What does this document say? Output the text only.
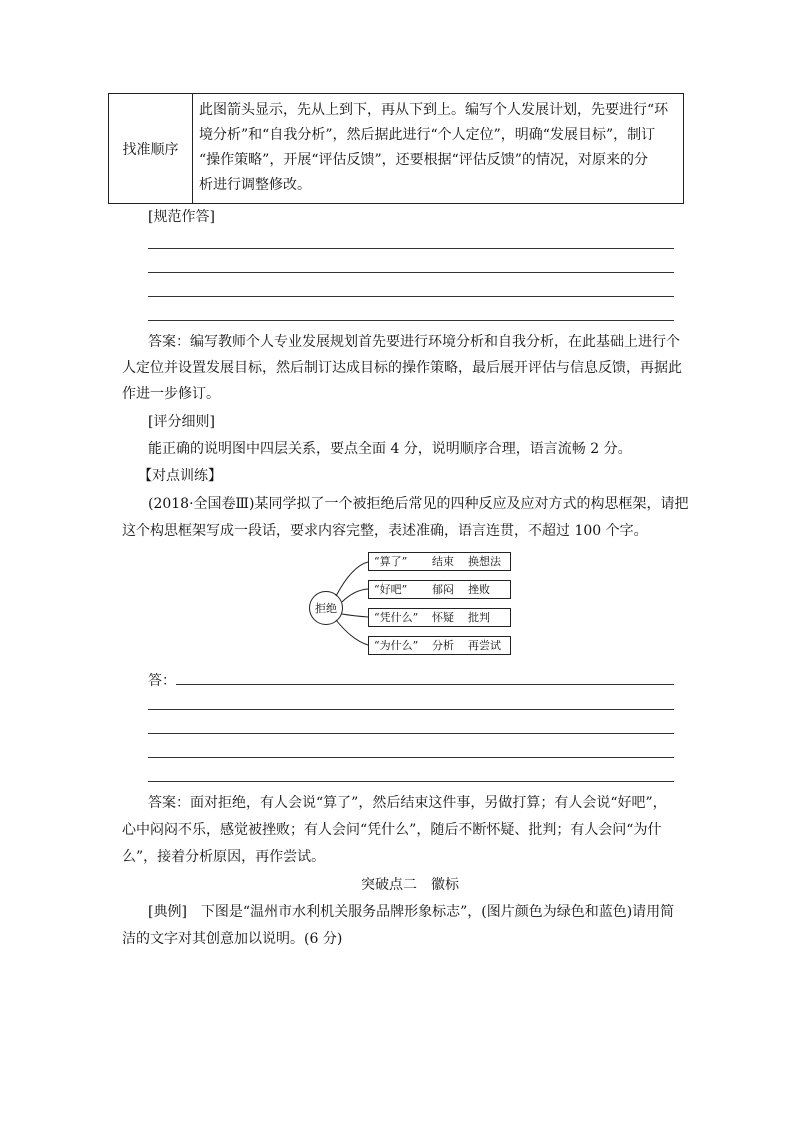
找准顺序
此图箭头显示，先从上到下，再从下到上。编写个人发展计划，先要进行“环
境分析”和“自我分析”，然后据此进行“个人定位”，明确“发展目标”，制订
“操作策略”，开展“评估反馈”，还要根据“评估反馈”的情况，对原来的分
析进行调整修改。
[规范作答]
答案：编写教师个人专业发展规划首先要进行环境分析和自我分析，在此基础上进行个
人定位并设置发展目标，然后制订达成目标的操作策略，最后展开评估与信息反馈，再据此
作进一步修订。
[评分细则]
能正确的说明图中四层关系，要点全面 4 分，说明顺序合理，语言流畅 2 分。
【对点训练】
(2018·全国卷Ⅲ)某同学拟了一个被拒绝后常见的四种反应及应对方式的构思框架，请把
这个构思框架写成一段话，要求内容完整，表述准确，语言连贯，不超过 100 个字。
拒绝
“算了” 结束 换想法
“好吧” 郁闷 挫败
“凭什么” 怀疑 批判
“为什么” 分析 再尝试
答：
答案：面对拒绝，有人会说“算了”，然后结束这件事，另做打算；有人会说“好吧”，
心中闷闷不乐，感觉被挫败；有人会问“凭什么”，随后不断怀疑、批判；有人会问“为什
么”，接着分析原因，再作尝试。
突破点二　徽标
[典例]　下图是“温州市水利机关服务品牌形象标志”，(图片颜色为绿色和蓝色)请用简
洁的文字对其创意加以说明。(6 分)
